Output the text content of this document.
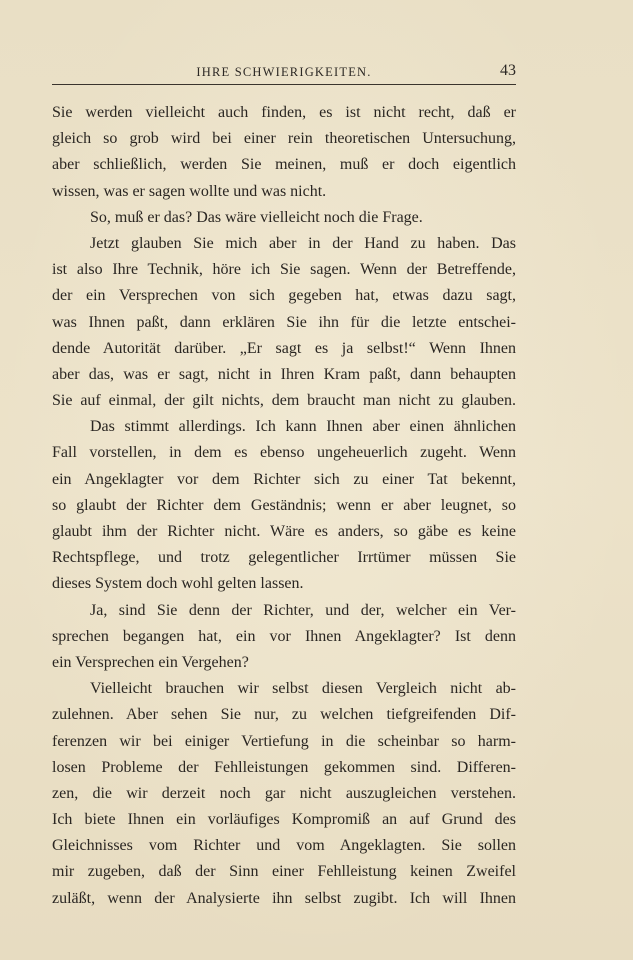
IHRE SCHWIERIGKEITEN.	43
Sie werden vielleicht auch finden, es ist nicht recht, daß er
gleich so grob wird bei einer rein theoretischen Untersuchung,
aber schließlich, werden Sie meinen, muß er doch eigentlich
wissen, was er sagen wollte und was nicht.
So, muß er das? Das wäre vielleicht noch die Frage.
Jetzt glauben Sie mich aber in der Hand zu haben. Das
ist also Ihre Technik, höre ich Sie sagen. Wenn der Betreffende,
der ein Versprechen von sich gegeben hat, etwas dazu sagt,
was Ihnen paßt, dann erklären Sie ihn für die letzte entschei-
dende Autorität darüber. „Er sagt es ja selbst!“ Wenn Ihnen
aber das, was er sagt, nicht in Ihren Kram paßt, dann behaupten
Sie auf einmal, der gilt nichts, dem braucht man nicht zu glauben.
Das stimmt allerdings. Ich kann Ihnen aber einen ähnlichen
Fall vorstellen, in dem es ebenso ungeheuerlich zugeht. Wenn
ein Angeklagter vor dem Richter sich zu einer Tat bekennt,
so glaubt der Richter dem Geständnis; wenn er aber leugnet, so
glaubt ihm der Richter nicht. Wäre es anders, so gäbe es keine
Rechtspflege, und trotz gelegentlicher Irrtümer müssen Sie
dieses System doch wohl gelten lassen.
Ja, sind Sie denn der Richter, und der, welcher ein Ver-
sprechen begangen hat, ein vor Ihnen Angeklagter? Ist denn
ein Versprechen ein Vergehen?
Vielleicht brauchen wir selbst diesen Vergleich nicht ab-
zulehnen. Aber sehen Sie nur, zu welchen tiefgreifenden Dif-
ferenzen wir bei einiger Vertiefung in die scheinbar so harm-
losen Probleme der Fehlleistungen gekommen sind. Differen-
zen, die wir derzeit noch gar nicht auszugleichen verstehen.
Ich biete Ihnen ein vorläufiges Kompromiß an auf Grund des
Gleichnisses vom Richter und vom Angeklagten. Sie sollen
mir zugeben, daß der Sinn einer Fehlleistung keinen Zweifel
zuläßt, wenn der Analysierte ihn selbst zugibt. Ich will Ihnen
